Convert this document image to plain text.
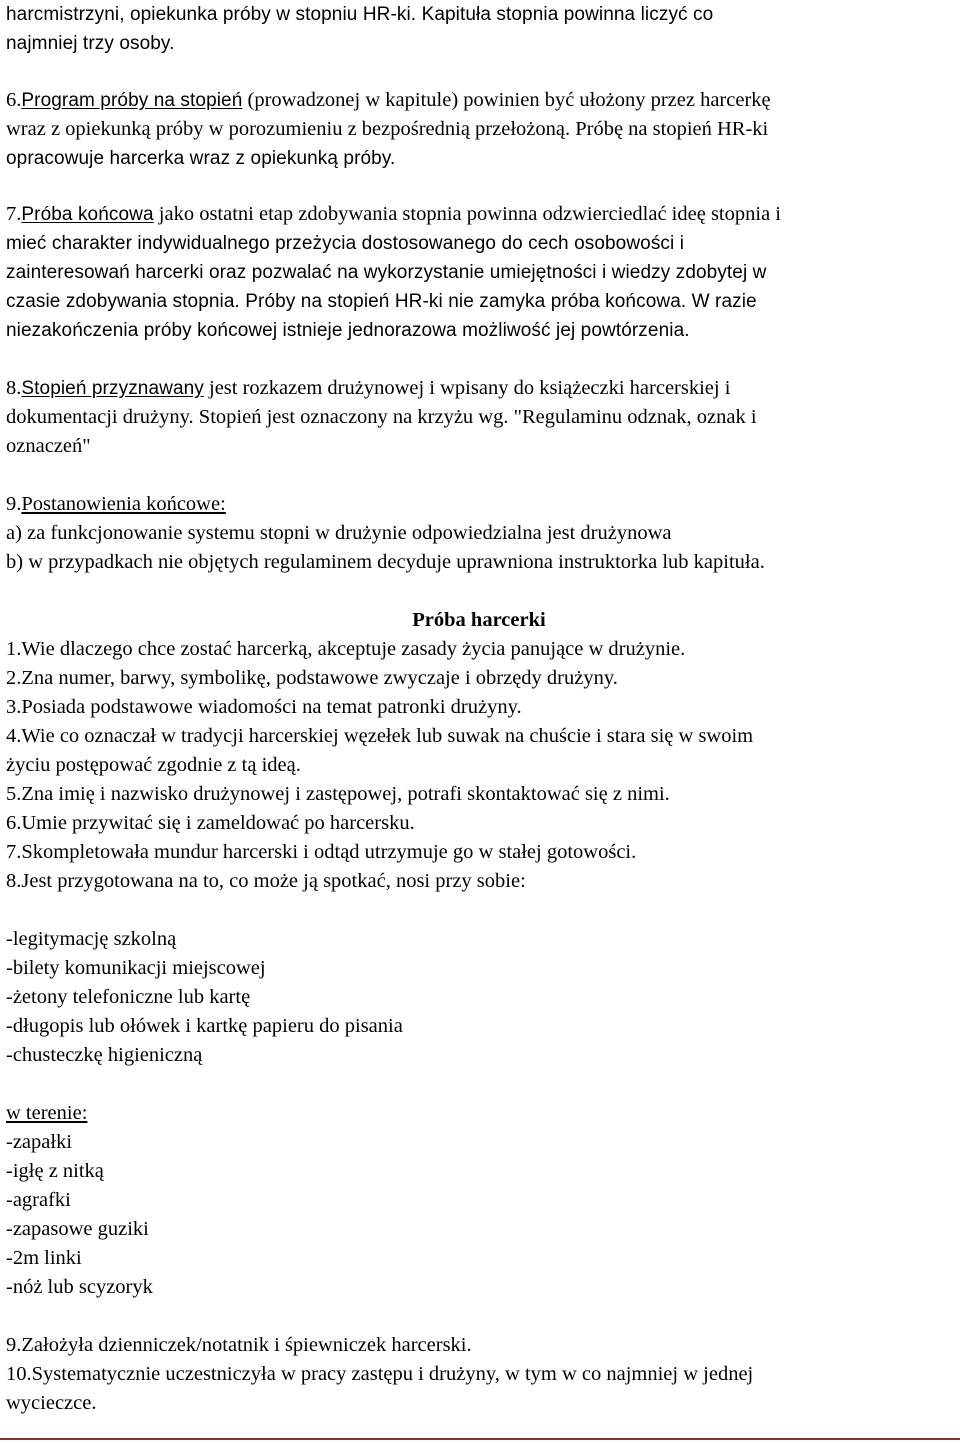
harcmistrzyni, opiekunka próby w stopniu HR-ki. Kapituła stopnia powinna liczyć co
najmniej trzy osoby.
6.Program próby na stopień (prowadzonej w kapitule) powinien być ułożony przez harcerkę
wraz z opiekunką próby w porozumieniu z bezpośrednią przełożoną. Próbę na stopień HR-ki
opracowuje harcerka wraz z opiekunką próby.
7.Próba końcowa jako ostatni etap zdobywania stopnia powinna odzwierciedlać ideę stopnia i
mieć charakter indywidualnego przeżycia dostosowanego do cech osobowości i
zainteresowań harcerki oraz pozwalać na wykorzystanie umiejętności i wiedzy zdobytej w
czasie zdobywania stopnia. Próby na stopień HR-ki nie zamyka próba końcowa. W razie
niezakończenia próby końcowej istnieje jednorazowa możliwość jej powtórzenia.
8.Stopień przyznawany jest rozkazem drużynowej i wpisany do książeczki harcerskiej i
dokumentacji drużyny. Stopień jest oznaczony na krzyżu wg. "Regulaminu odznak, oznak i
oznaczeń"
9.Postanowienia końcowe:
a) za funkcjonowanie systemu stopni w drużynie odpowiedzialna jest drużynowa
b) w przypadkach nie objętych regulaminem decyduje uprawniona instruktorka lub kapituła.
Próba harcerki
1.Wie dlaczego chce zostać harcerką, akceptuje zasady życia panujące w drużynie.
2.Zna numer, barwy, symbolikę, podstawowe zwyczaje i obrzędy drużyny.
3.Posiada podstawowe wiadomości na temat patronki drużyny.
4.Wie co oznaczał w tradycji harcerskiej węzełek lub suwak na chuście i stara się w swoim
życiu postępować zgodnie z tą ideą.
5.Zna imię i nazwisko drużynowej i zastępowej, potrafi skontaktować się z nimi.
6.Umie przywitać się i zameldować po harcersku.
7.Skompletowała mundur harcerski i odtąd utrzymuje go w stałej gotowości.
8.Jest przygotowana na to, co może ją spotkać, nosi przy sobie:
-legitymację szkolną
-bilety komunikacji miejscowej
-żetony telefoniczne lub kartę
-długopis lub ołówek i kartkę papieru do pisania
-chusteczkę higieniczną
w terenie:
-zapałki
-igłę z nitką
-agrafki
-zapasowe guziki
-2m linki
-nóż lub scyzoryk
9.Założyła dzienniczek/notatnik i śpiewniczek harcerski.
10.Systematycznie uczestniczyła w pracy zastępu i drużyny, w tym w co najmniej w jednej
wycieczce.
